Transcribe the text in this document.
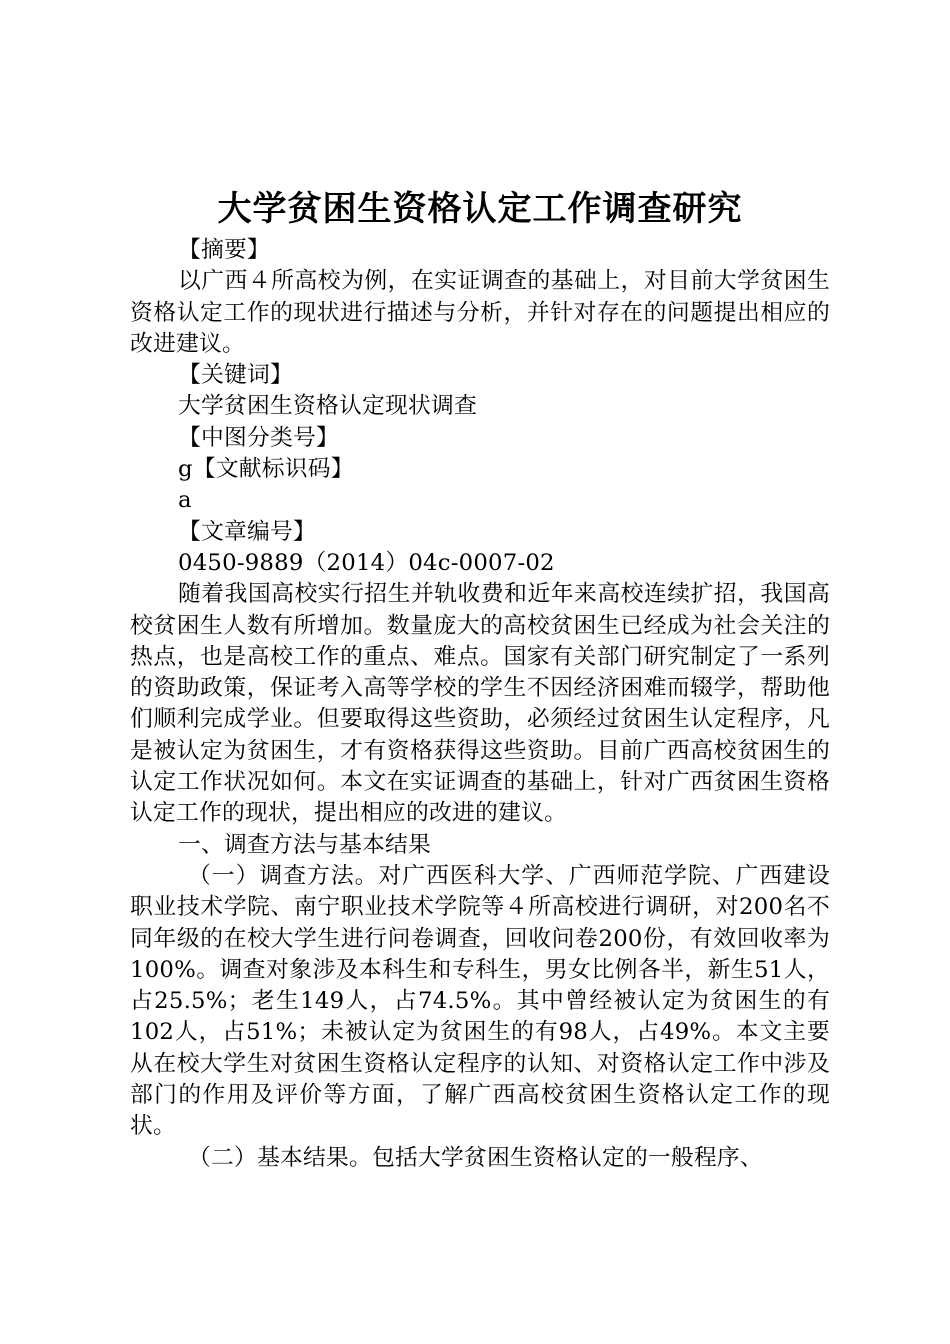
大学贫困生资格认定工作调查研究

【摘要】

以广西４所高校为例，在实证调查的基础上，对目前大学贫困生资格认定工作的现状进行描述与分析，并针对存在的问题提出相应的改进建议。

【关键词】

大学贫困生资格认定现状调查

【中图分类号】

g【文献标识码】

a

【文章编号】

0450-9889（2014）04c-0007-02

随着我国高校实行招生并轨收费和近年来高校连续扩招，我国高校贫困生人数有所增加。数量庞大的高校贫困生已经成为社会关注的热点，也是高校工作的重点、难点。国家有关部门研究制定了一系列的资助政策，保证考入高等学校的学生不因经济困难而辍学，帮助他们顺利完成学业。但要取得这些资助，必须经过贫困生认定程序，凡是被认定为贫困生，才有资格获得这些资助。目前广西高校贫困生的认定工作状况如何。本文在实证调查的基础上，针对广西贫困生资格认定工作的现状，提出相应的改进的建议。

一、调查方法与基本结果

（一）调查方法。对广西医科大学、广西师范学院、广西建设职业技术学院、南宁职业技术学院等４所高校进行调研，对200名不同年级的在校大学生进行问卷调查，回收问卷200份，有效回收率为100%。调查对象涉及本科生和专科生，男女比例各半，新生51人，占25.5%；老生149人，占74.5%。其中曾经被认定为贫困生的有102人，占51%；未被认定为贫困生的有98人，占49%。本文主要从在校大学生对贫困生资格认定程序的认知、对资格认定工作中涉及部门的作用及评价等方面，了解广西高校贫困生资格认定工作的现状。

（二）基本结果。包括大学贫困生资格认定的一般程序、
